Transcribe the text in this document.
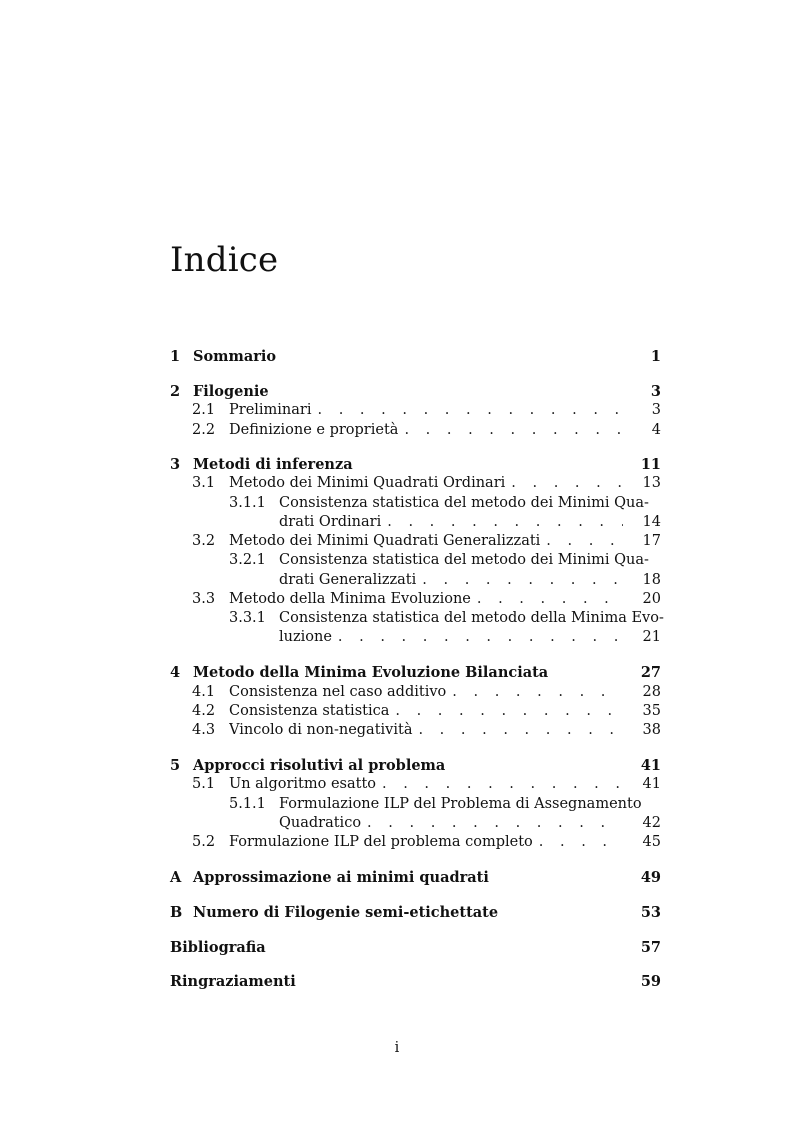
Indice
1 Sommario	1
2 Filogenie	3
2.1 Preliminari . . .	3
2.2 Definizione e proprietà . . .	4
3 Metodi di inferenza	11
3.1 Metodo dei Minimi Quadrati Ordinari . . .	13
3.1.1 Consistenza statistica del metodo dei Minimi Qua-
drati Ordinari . . .	14
3.2 Metodo dei Minimi Quadrati Generalizzati . . .	17
3.2.1 Consistenza statistica del metodo dei Minimi Qua-
drati Generalizzati . . .	18
3.3 Metodo della Minima Evoluzione . . .	20
3.3.1 Consistenza statistica del metodo della Minima Evo-
luzione . . .	21
4 Metodo della Minima Evoluzione Bilanciata	27
4.1 Consistenza nel caso additivo . . .	28
4.2 Consistenza statistica . . .	35
4.3 Vincolo di non-negatività . . .	38
5 Approcci risolutivi al problema	41
5.1 Un algoritmo esatto . . .	41
5.1.1 Formulazione ILP del Problema di Assegnamento
Quadratico . . .	42
5.2 Formulazione ILP del problema completo . . .	45
A Approssimazione ai minimi quadrati	49
B Numero di Filogenie semi-etichettate	53
Bibliografia	57
Ringraziamenti	59
i
